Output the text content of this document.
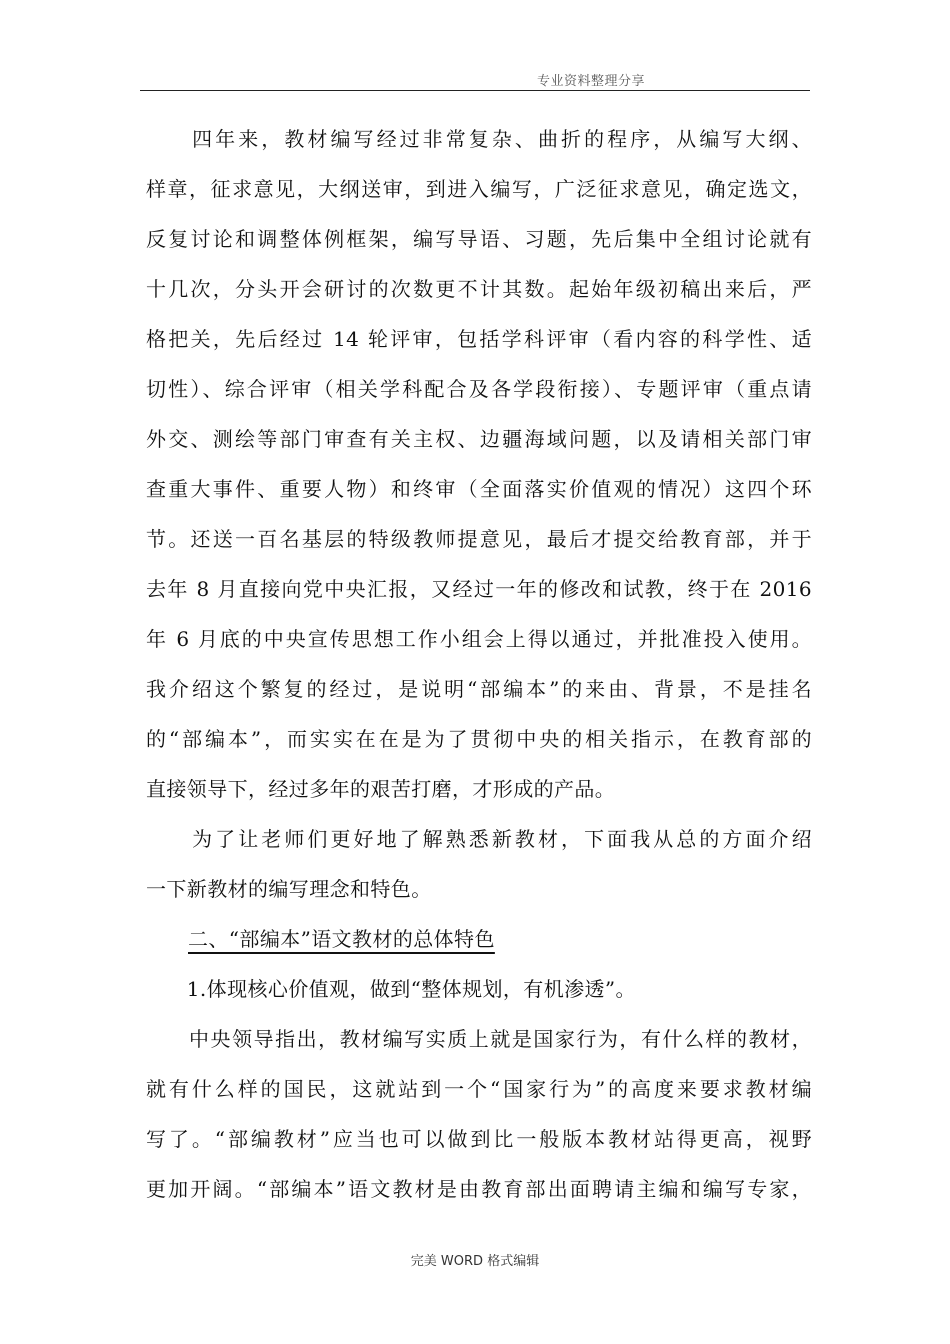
专业资料整理分享
　　四年来，教材编写经过非常复杂、曲折的程序，从编写大纲、
样章，征求意见，大纲送审，到进入编写，广泛征求意见，确定选文，
反复讨论和调整体例框架，编写导语、习题，先后集中全组讨论就有
十几次，分头开会研讨的次数更不计其数。起始年级初稿出来后，严
格把关，先后经过 14 轮评审，包括学科评审（看内容的科学性、适
切性）、综合评审（相关学科配合及各学段衔接）、专题评审（重点请
外交、测绘等部门审查有关主权、边疆海域问题，以及请相关部门审
查重大事件、重要人物）和终审（全面落实价值观的情况）这四个环
节。还送一百名基层的特级教师提意见，最后才提交给教育部，并于
去年 8 月直接向党中央汇报，又经过一年的修改和试教，终于在 2016
年 6 月底的中央宣传思想工作小组会上得以通过，并批准投入使用。
我介绍这个繁复的经过，是说明“部编本”的来由、背景，不是挂名
的“部编本”，而实实在在是为了贯彻中央的相关指示，在教育部的
直接领导下，经过多年的艰苦打磨，才形成的产品。
　　为了让老师们更好地了解熟悉新教材，下面我从总的方面介绍
一下新教材的编写理念和特色。
二、“部编本”语文教材的总体特色
　　1.体现核心价值观，做到“整体规划，有机渗透”。
　　中央领导指出，教材编写实质上就是国家行为，有什么样的教材，
就有什么样的国民，这就站到一个“国家行为”的高度来要求教材编
写了。“部编教材”应当也可以做到比一般版本教材站得更高，视野
更加开阔。“部编本”语文教材是由教育部出面聘请主编和编写专家，
完美 WORD 格式编辑
